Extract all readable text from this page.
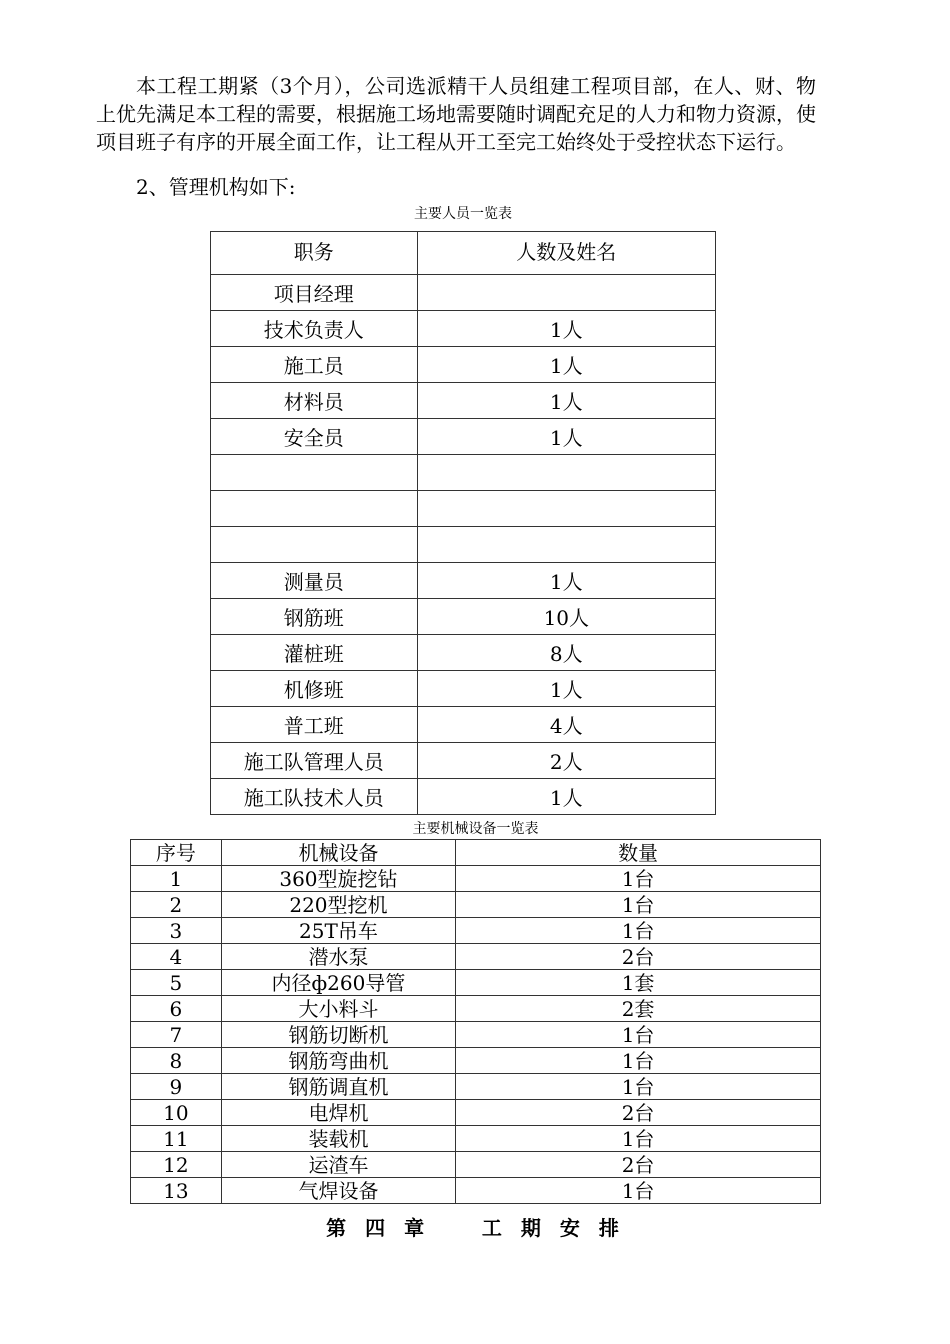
本工程工期紧（3个月），公司选派精干人员组建工程项目部，在人、财、物上优先满足本工程的需要，根据施工场地需要随时调配充足的人力和物力资源，使项目班子有序的开展全面工作，让工程从开工至完工始终处于受控状态下运行。

2、管理机构如下:

主要人员一览表
职务	人数及姓名
项目经理	
技术负责人	1人
施工员	1人
材料员	1人
安全员	1人

测量员	1人
钢筋班	10人
灌桩班	8人
机修班	1人
普工班	4人
施工队管理人员	2人
施工队技术人员	1人
主要机械设备一览表
序号	机械设备	数量
1	360型旋挖钻	1台
2	220型挖机	1台
3	25T吊车	1台
4	潜水泵	2台
5	内径ф260导管	1套
6	大小料斗	2套
7	钢筋切断机	1台
8	钢筋弯曲机	1台
9	钢筋调直机	1台
10	电焊机	2台
11	装载机	1台
12	运渣车	2台
13	气焊设备	1台
第 四 章    工 期 安 排
